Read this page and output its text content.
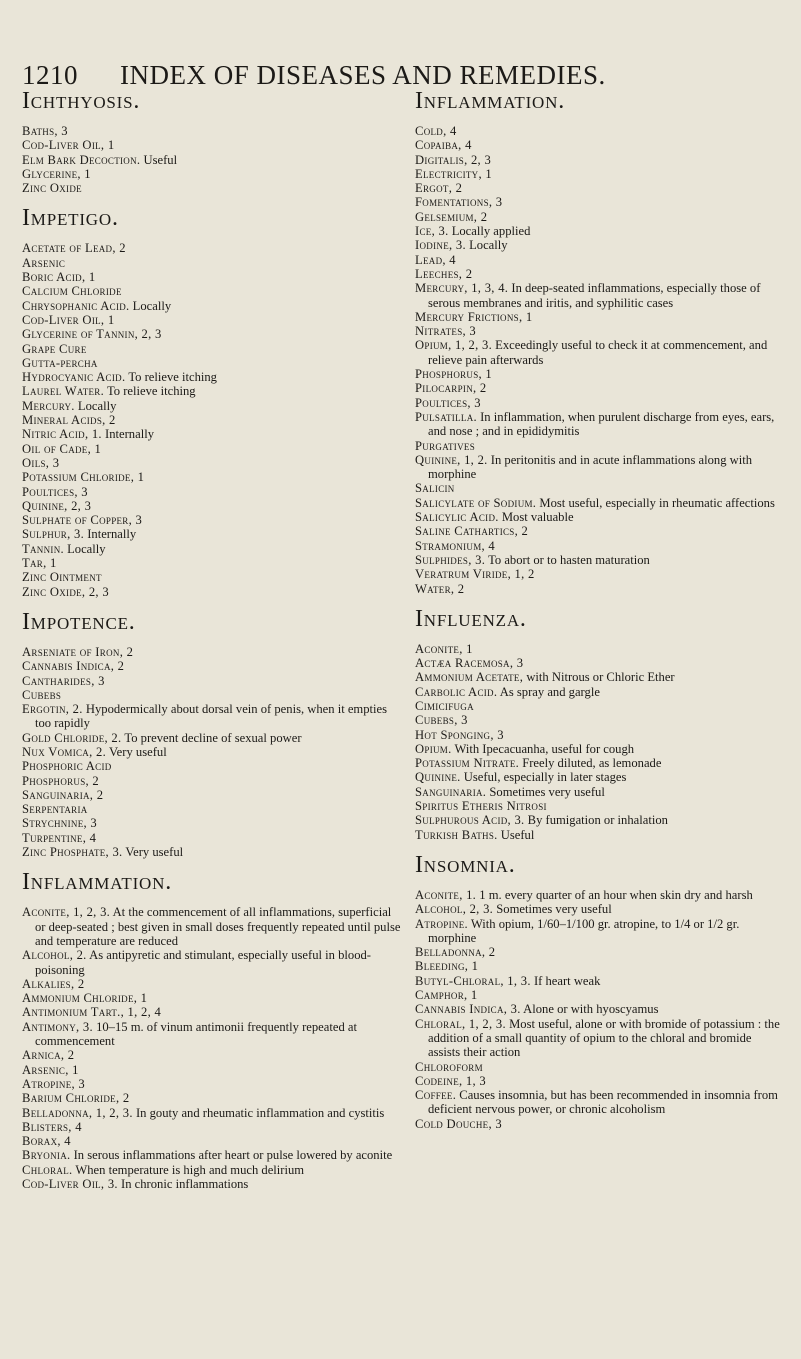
1210 INDEX OF DISEASES AND REMEDIES.
Ichthyosis.
Baths, 3
Cod-Liver Oil, 1
Elm Bark Decoction. Useful
Glycerine, 1
Zinc Oxide
Impetigo.
Acetate of Lead, 2
Arsenic
Boric Acid, 1
Calcium Chloride
Chrysophanic Acid. Locally
Cod-Liver Oil, 1
Glycerine of Tannin, 2, 3
Grape Cure
Gutta-percha
Hydrocyanic Acid. To relieve itching
Laurel Water. To relieve itching
Mercury. Locally
Mineral Acids, 2
Nitric Acid, 1. Internally
Oil of Cade, 1
Oils, 3
Potassium Chloride, 1
Poultices, 3
Quinine, 2, 3
Sulphate of Copper, 3
Sulphur, 3. Internally
Tannin. Locally
Tar, 1
Zinc Ointment
Zinc Oxide, 2, 3
Impotence.
Arseniate of Iron, 2
Cannabis Indica, 2
Cantharides, 3
Cubebs
Ergotin, 2. Hypodermically about dorsal vein of penis, when it empties too rapidly
Gold Chloride, 2. To prevent decline of sexual power
Nux Vomica, 2. Very useful
Phosphoric Acid
Phosphorus, 2
Sanguinaria, 2
Serpentaria
Strychnine, 3
Turpentine, 4
Zinc Phosphate, 3. Very useful
Inflammation.
Aconite, 1, 2, 3. At the commencement of all inflammations, superficial or deep-seated ; best given in small doses frequently repeated until pulse and temperature are reduced
Alcohol, 2. As antipyretic and stimulant, especially useful in blood-poisoning
Alkalies, 2
Ammonium Chloride, 1
Antimonium Tart., 1, 2, 4
Antimony, 3. 10–15 m. of vinum antimonii frequently repeated at commencement
Arnica, 2
Arsenic, 1
Atropine, 3
Barium Chloride, 2
Belladonna, 1, 2, 3. In gouty and rheumatic inflammation and cystitis
Blisters, 4
Borax, 4
Bryonia. In serous inflammations after heart or pulse lowered by aconite
Chloral. When temperature is high and much delirium
Cod-Liver Oil, 3. In chronic inflammations
Inflammation.
Cold, 4
Copaiba, 4
Digitalis, 2, 3
Electricity, 1
Ergot, 2
Fomentations, 3
Gelsemium, 2
Ice, 3. Locally applied
Iodine, 3. Locally
Lead, 4
Leeches, 2
Mercury, 1, 3, 4. In deep-seated inflammations, especially those of serous membranes and iritis, and syphilitic cases
Mercury Frictions, 1
Nitrates, 3
Opium, 1, 2, 3. Exceedingly useful to check it at commencement, and relieve pain afterwards
Phosphorus, 1
Pilocarpin, 2
Poultices, 3
Pulsatilla. In inflammation, when purulent discharge from eyes, ears, and nose ; and in epididymitis
Purgatives
Quinine, 1, 2. In peritonitis and in acute inflammations along with morphine
Salicin
Salicylate of Sodium. Most useful, especially in rheumatic affections
Salicylic Acid. Most valuable
Saline Cathartics, 2
Stramonium, 4
Sulphides, 3. To abort or to hasten maturation
Veratrum Viride, 1, 2
Water, 2
Influenza.
Aconite, 1
Actæa Racemosa, 3
Ammonium Acetate, with Nitrous or Chloric Ether
Carbolic Acid. As spray and gargle
Cimicifuga
Cubebs, 3
Hot Sponging, 3
Opium. With Ipecacuanha, useful for cough
Potassium Nitrate. Freely diluted, as lemonade
Quinine. Useful, especially in later stages
Sanguinaria. Sometimes very useful
Spiritus Etheris Nitrosi
Sulphurous Acid, 3. By fumigation or inhalation
Turkish Baths. Useful
Insomnia.
Aconite, 1. 1 m. every quarter of an hour when skin dry and harsh
Alcohol, 2, 3. Sometimes very useful
Atropine. With opium, 1/60–1/100 gr. atropine, to 1/4 or 1/2 gr. morphine
Belladonna, 2
Bleeding, 1
Butyl-Chloral, 1, 3. If heart weak
Camphor, 1
Cannabis Indica, 3. Alone or with hyoscyamus
Chloral, 1, 2, 3. Most useful, alone or with bromide of potassium : the addition of a small quantity of opium to the chloral and bromide assists their action
Chloroform
Codeine, 1, 3
Coffee. Causes insomnia, but has been recommended in insomnia from deficient nervous power, or chronic alcoholism
Cold Douche, 3
